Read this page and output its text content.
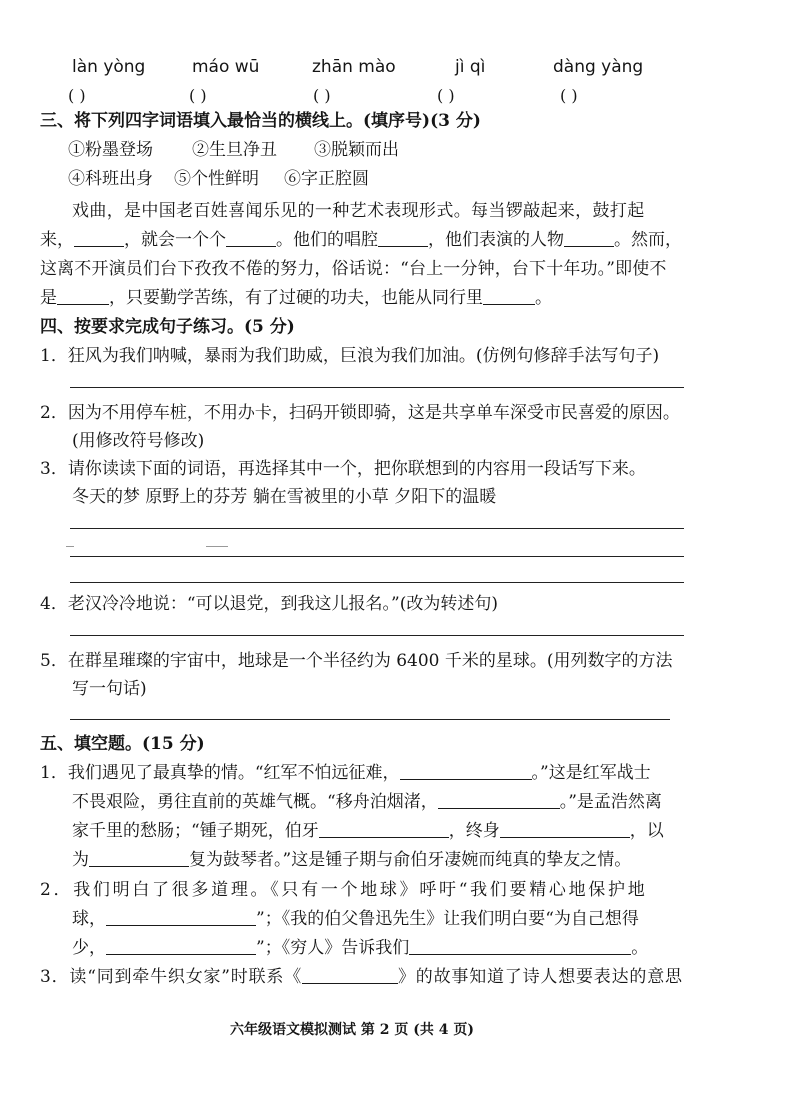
làn yòng	máo wū	zhān mào	jì qì	dàng yàng
( )	( )	( )	( )	( )
三、将下列四字词语填入最恰当的横线上。(填序号)(3 分)
①粉墨登场 ②生旦净丑 ③脱颖而出
④科班出身 ⑤个性鲜明 ⑥字正腔圆
戏曲，是中国老百姓喜闻乐见的一种艺术表现形式。每当锣敲起来，鼓打起
来，	，就会一个个	。他们的唱腔	，他们表演的人物	。然而，
这离不开演员们台下孜孜不倦的努力，俗话说：“台上一分钟，台下十年功。”即使不
是	，只要勤学苦练，有了过硬的功夫，也能从同行里	。
四、按要求完成句子练习。(5 分)
1．狂风为我们呐喊，暴雨为我们助威，巨浪为我们加油。(仿例句修辞手法写句子)
2．因为不用停车桩，不用办卡，扫码开锁即骑，这是共享单车深受市民喜爱的原因。
(用修改符号修改)
3．请你读读下面的词语，再选择其中一个，把你联想到的内容用一段话写下来。
冬天的梦 原野上的芬芳 躺在雪被里的小草 夕阳下的温暖
4．老汉冷冷地说：“可以退党，到我这儿报名。”(改为转述句)
5．在群星璀璨的宇宙中，地球是一个半径约为 6400 千米的星球。(用列数字的方法
写一句话)
五、填空题。(15 分)
1．我们遇见了最真挚的情。“红军不怕远征难，	。”这是红军战士
不畏艰险，勇往直前的英雄气概。“移舟泊烟渚，	。”是孟浩然离
家千里的愁肠；“锺子期死，伯牙	，终身	，以
为	复为鼓琴者。”这是锺子期与俞伯牙凄婉而纯真的挚友之情。
2．我们明白了很多道理。《只有一个地球》呼吁“我们要精心地保护地
球，	”；《我的伯父鲁迅先生》让我们明白要“为自己想得
少，	”；《穷人》告诉我们	。
3．读“同到牵牛织女家”时联系《	》的故事知道了诗人想要表达的意思
六年级语文模拟测试 第 2 页 (共 4 页)
